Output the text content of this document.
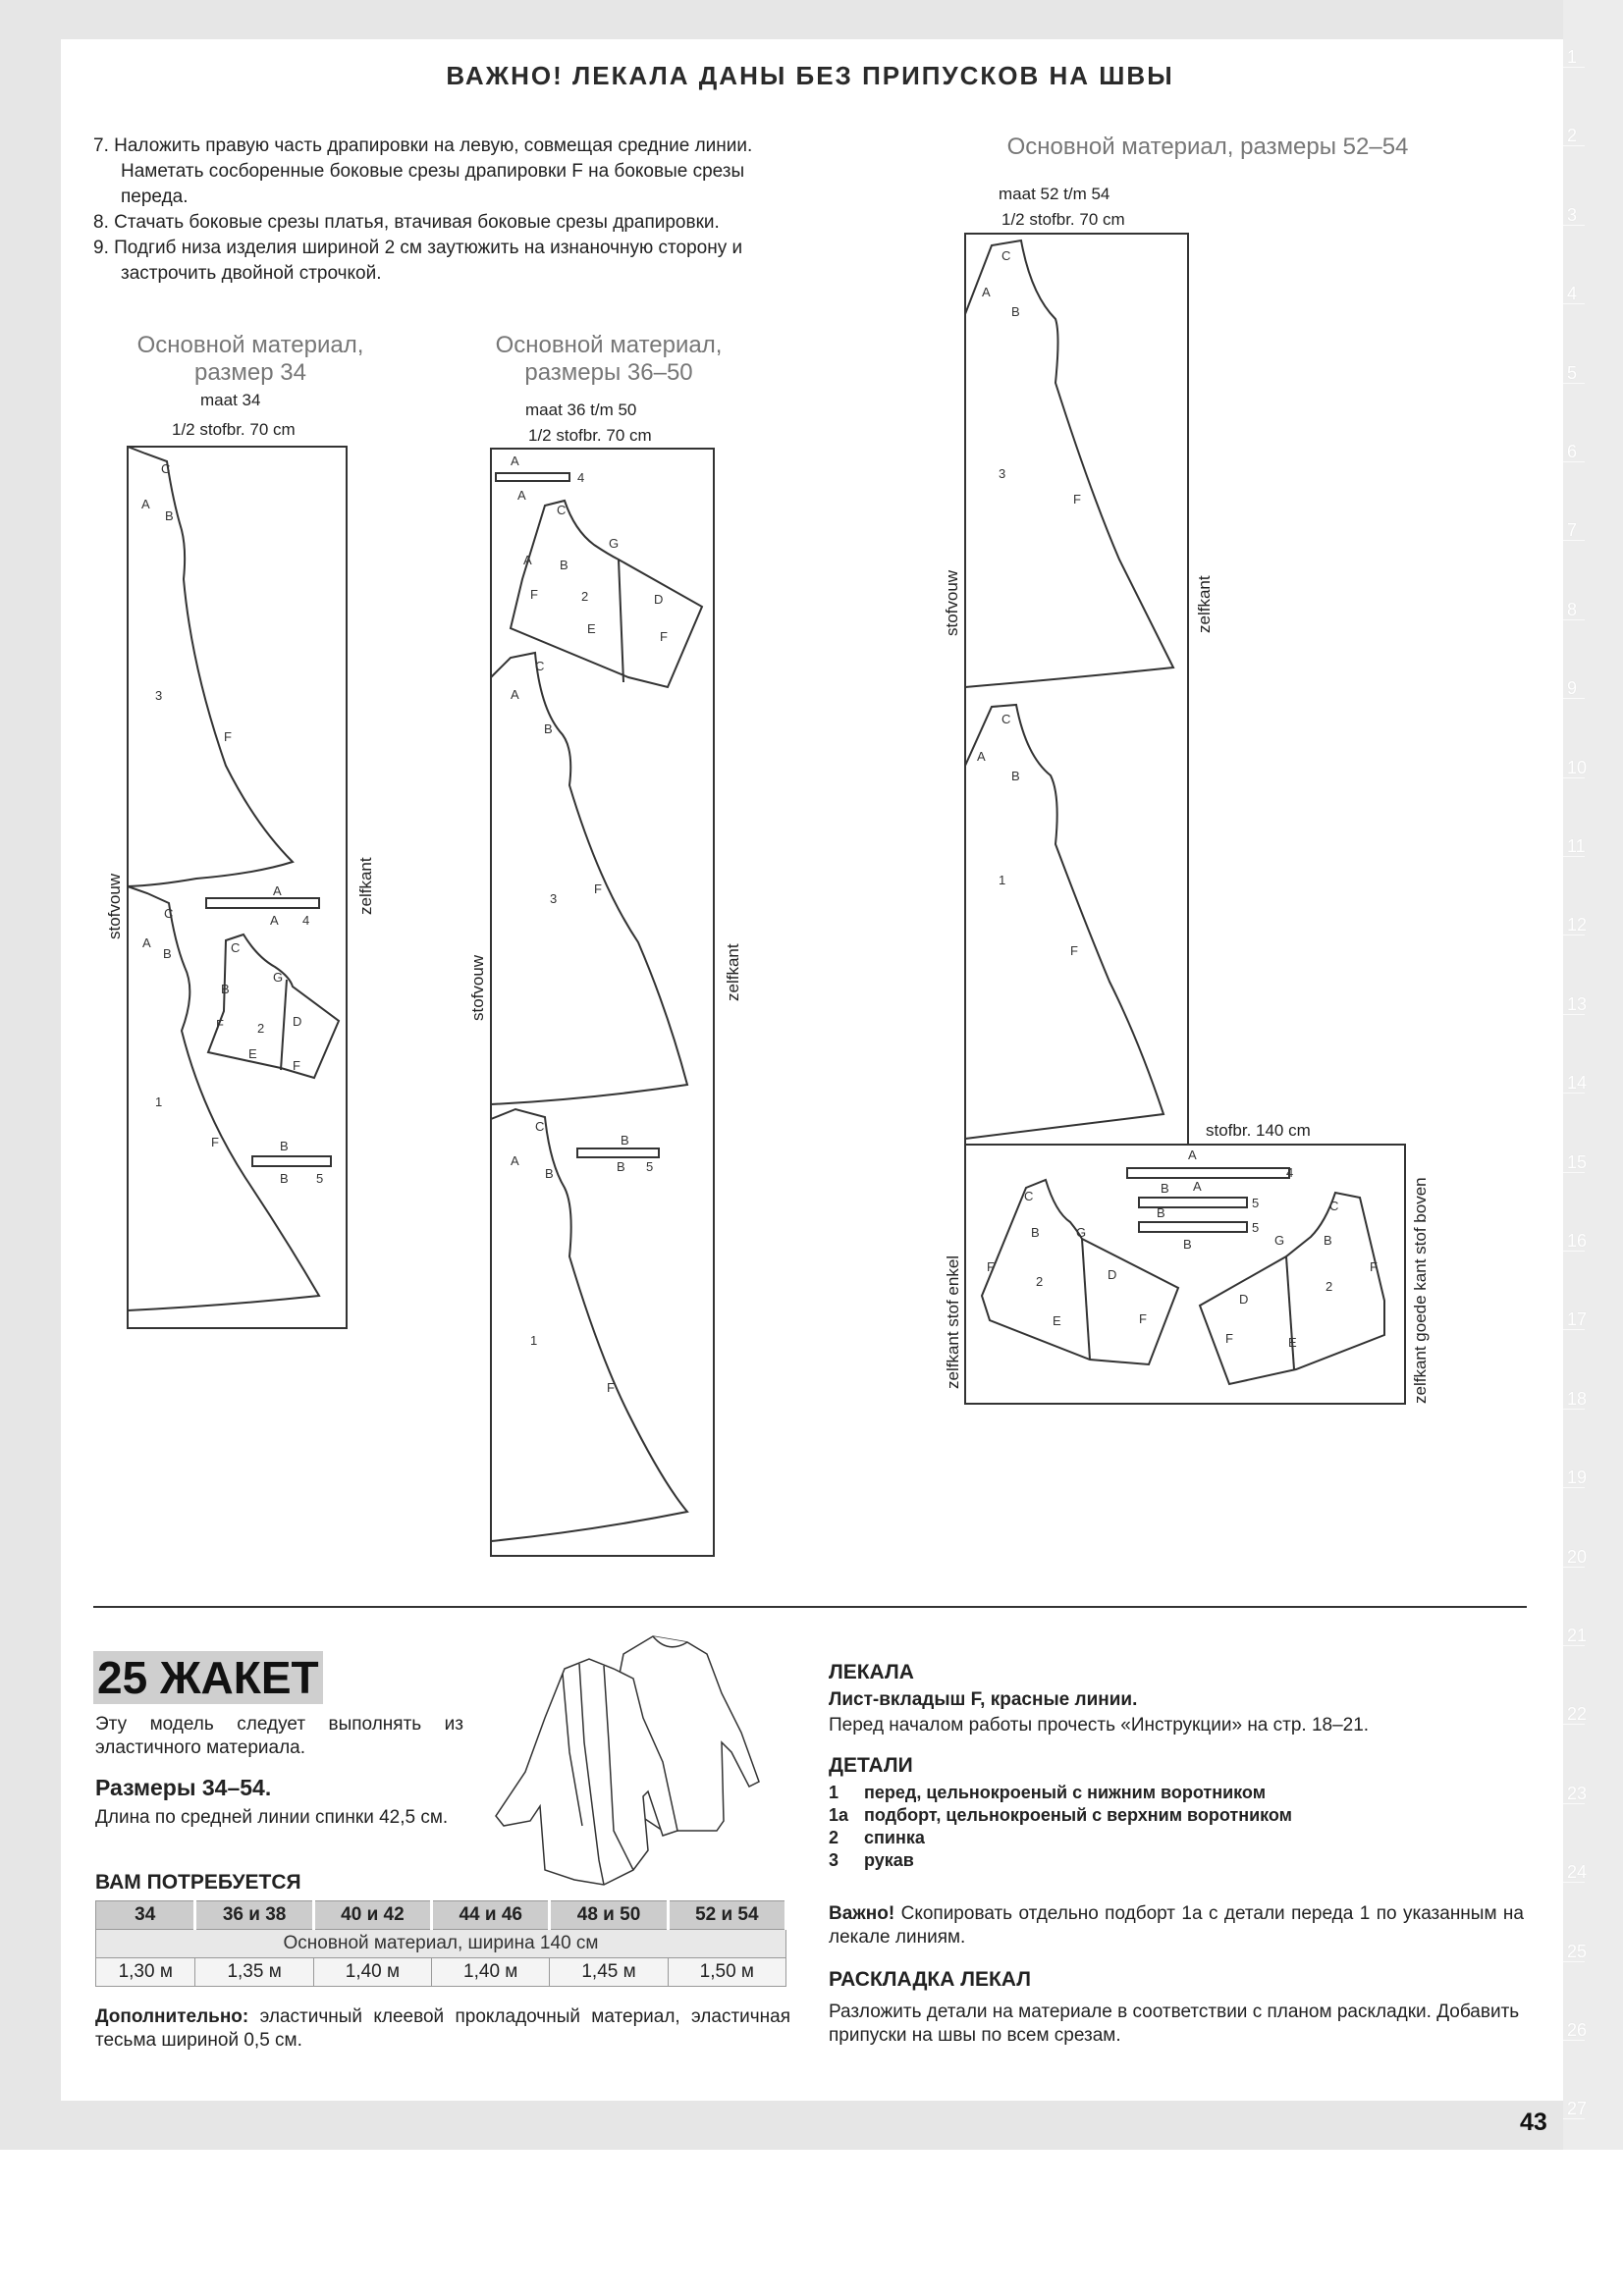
1
2
3
4
5
6
7
8
9
10
11
12
13
14
15
16
17
18
19
20
21
22
23
24
25
26
27
ВАЖНО! ЛЕКАЛА ДАНЫ БЕЗ ПРИПУСКОВ НА ШВЫ

7. Наложить правую часть драпировки на левую, совмещая средние линии. Наметать сосборенные боковые срезы драпировки F на боковые срезы переда.

8. Стачать боковые срезы платья, втачивая боковые срезы драпировки.

9. Подгиб низа изделия шириной 2 см заутюжить на изнаночную сторону и застрочить двойной строчкой.

Основной материал, размер 34
maat 34
1/2 stofbr. 70 cm
Основной материал, размеры 36–50
maat 36 t/m 50
1/2 stofbr. 70 cm
Основной материал, размеры 52–54
maat 52 t/m 54
1/2 stofbr. 70 cm
stofbr. 140 cm
C
A
B
3
F
C
A
B
1
F
C
G
B
F	2 D
E
F
A
A 4
B
B 5
A
4
A
C
A B
G
F	2	D
E
F
C
A
B
3
F
C
A
B
1
F
B
B 5
C
A
B
3
F
C
A
B
1
F
A
4
B A
5
B
5
B
C
G
B
F
2	D
E	F
C
G	B
F
2
D
E
F
stofvouw	zelfkant
stofvouw	zelfkant
stofvouw	zelfkant
zelfkant stof enkel	zelfkant goede kant stof boven
25 ЖАКЕТ
Эту модель следует выполнять из эластичного материала.
Размеры 34–54.
Длина по средней линии спинки 42,5 см.
ВАМ ПОТРЕБУЕТСЯ
34	36 и 38	40 и 42	44 и 46	48 и 50	52 и 54
Основной материал, ширина 140 см					
1,30 м	1,35 м	1,40 м	1,40 м	1,45 м	1,50 м
Дополнительно: эластичный клеевой прокладочный материал, эластичная тесьма шириной 0,5 см.
ЛЕКАЛА
Лист-вкладыш F, красные линии.
Перед началом работы прочесть «Инструкции» на стр. 18–21.
ДЕТАЛИ
1 перед, цельнокроеный с нижним воротником
1а подборт, цельнокроеный с верхним воротником
2 спинка
3 рукав
Важно! Скопировать отдельно подборт 1а с детали переда 1 по указанным на лекале линиям.
РАСКЛАДКА ЛЕКАЛ
Разложить детали на материале в соответствии с планом раскладки. Добавить припуски на швы по всем срезам.
43
